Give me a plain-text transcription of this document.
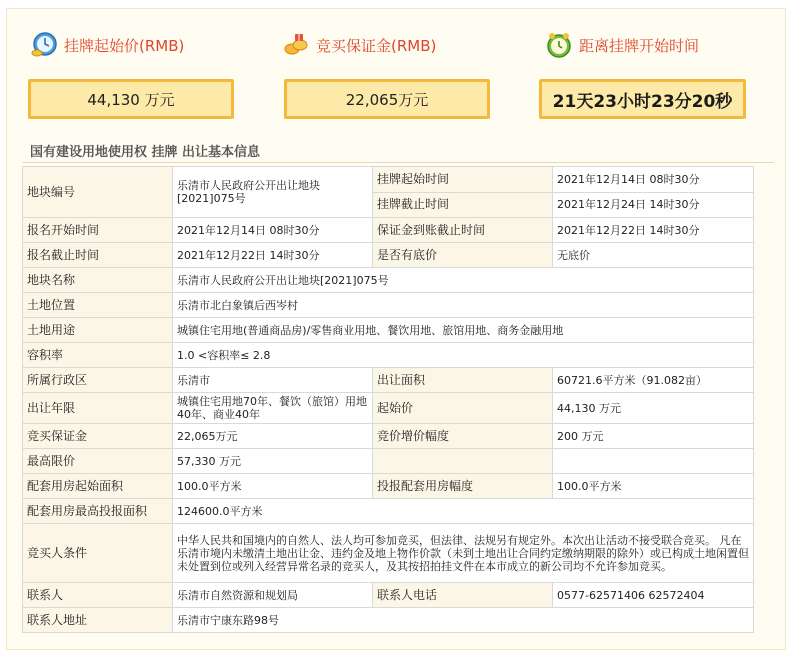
挂牌起始价(RMB)	竞买保证金(RMB)	距离挂牌开始时间
44,130 万元	22,065万元	21天23小时23分20秒
国有建设用地使用权 挂牌 出让基本信息
地块编号	乐清市人民政府公开出让地块[2021]075号	挂牌起始时间	2021年12月14日 08时30分
		挂牌截止时间	2021年12月24日 14时30分
报名开始时间	2021年12月14日 08时30分	保证金到账截止时间	2021年12月22日 14时30分
报名截止时间	2021年12月22日 14时30分	是否有底价	无底价
地块名称	乐清市人民政府公开出让地块[2021]075号		
土地位置	乐清市北白象镇后西岑村		
土地用途	城镇住宅用地(普通商品房)/零售商业用地、餐饮用地、旅馆用地、商务金融用地		
容积率	1.0 <容积率≤ 2.8		
所属行政区	乐清市	出让面积	60721.6平方米（91.082亩）
出让年限	城镇住宅用地70年、餐饮（旅馆）用地40年、商业40年	起始价	44,130 万元
竞买保证金	22,065万元	竞价增价幅度	200 万元
最高限价	57,330 万元		
配套用房起始面积	100.0平方米	投报配套用房幅度	100.0平方米
配套用房最高投报面积	124600.0平方米		
竞买人条件	中华人民共和国境内的自然人、法人均可参加竞买，但法律、法规另有规定外。本次出让活动不接受联合竞买。 凡在乐清市境内未缴清土地出让金、违约金及地上物作价款（未到土地出让合同约定缴纳期限的除外）或已构成土地闲置但未处置到位或列入经营异常名录的竞买人，及其按招拍挂文件在本市成立的新公司均不允许参加竞买。		
联系人	乐清市自然资源和规划局	联系人电话	0577-62571406 62572404
联系人地址	乐清市宁康东路98号		
